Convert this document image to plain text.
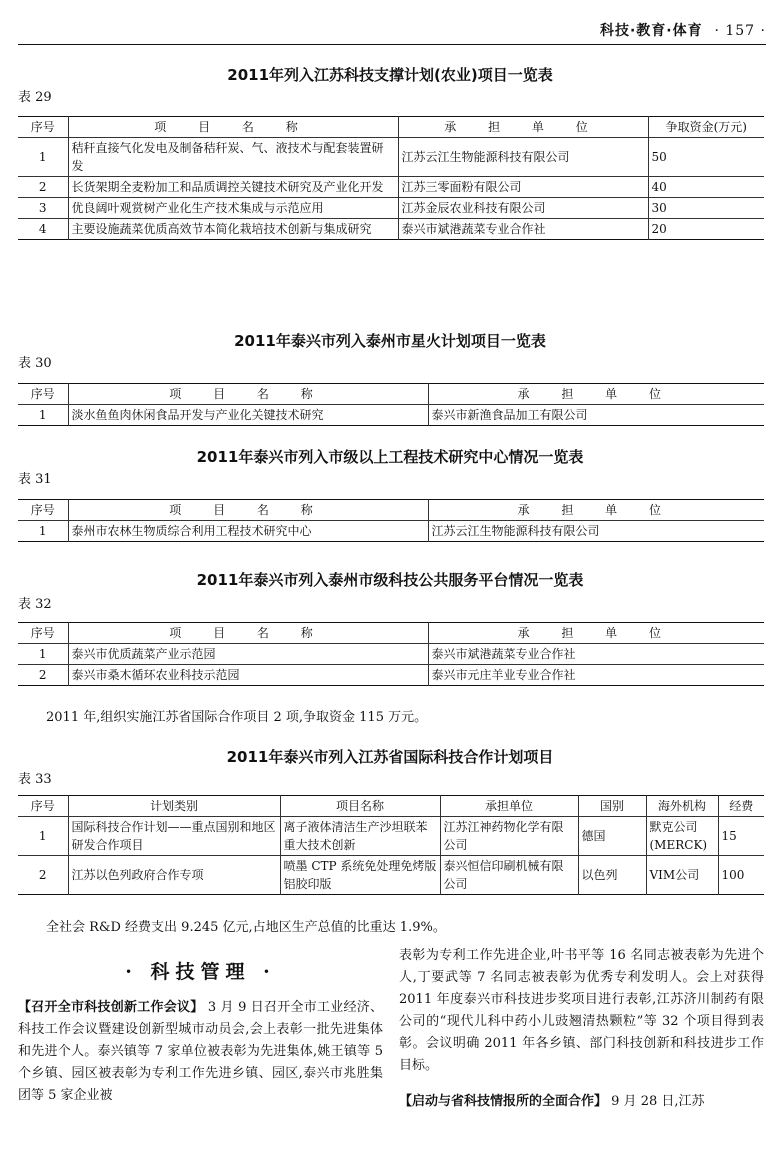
科技·教育·体育 · 157 ·
2011年列入江苏科技支撑计划(农业)项目一览表
表 29
序号	项 目 名 称	承 担 单 位	争取资金(万元)
1	秸秆直接气化发电及制备秸秆炭、气、液技术与配套装置研发	江苏云江生物能源科技有限公司	50
2	长货架期全麦粉加工和品质调控关键技术研究及产业化开发	江苏三零面粉有限公司	40
3	优良阔叶观赏树产业化生产技术集成与示范应用	江苏金辰农业科技有限公司	30
4	主要设施蔬菜优质高效节本简化栽培技术创新与集成研究	泰兴市斌港蔬菜专业合作社	20
2011年泰兴市列入泰州市星火计划项目一览表
表 30
序号	项 目 名 称	承 担 单 位
1	淡水鱼鱼肉休闲食品开发与产业化关键技术研究	泰兴市新渔食品加工有限公司
2011年泰兴市列入市级以上工程技术研究中心情况一览表
表 31
序号	项 目 名 称	承 担 单 位
1	泰州市农林生物质综合利用工程技术研究中心	江苏云江生物能源科技有限公司
2011年泰兴市列入泰州市级科技公共服务平台情况一览表
表 32
序号	项 目 名 称	承 担 单 位
1	泰兴市优质蔬菜产业示范园	泰兴市斌港蔬菜专业合作社
2	泰兴市桑木循环农业科技示范园	泰兴市元庄羊业专业合作社
2011 年,组织实施江苏省国际合作项目 2 项,争取资金 115 万元。
2011年泰兴市列入江苏省国际科技合作计划项目
表 33
序号	计划类别	项目名称	承担单位	国别	海外机构	经费
1	国际科技合作计划——重点国别和地区研发合作项目	离子液体清洁生产沙坦联苯重大技术创新	江苏江神药物化学有限公司	德国	默克公司(MERCK)	15
2	江苏以色列政府合作专项	喷墨 CTP 系统免处理免烤版铝胶印版	泰兴恒信印刷机械有限公司	以色列	VIM公司	100
全社会 R&D 经费支出 9.245 亿元,占地区生产总值的比重达 1.9%。
· 科技管理 ·
【召开全市科技创新工作会议】 3 月 9 日召开全市工业经济、科技工作会议暨建设创新型城市动员会,会上表彰一批先进集体和先进个人。泰兴镇等 7 家单位被表彰为先进集体,姚王镇等 5 个乡镇、园区被表彰为专利工作先进乡镇、园区,泰兴市兆胜集团等 5 家企业被
表彰为专利工作先进企业,叶书平等 16 名同志被表彰为先进个人,丁要武等 7 名同志被表彰为优秀专利发明人。会上对获得 2011 年度泰兴市科技进步奖项目进行表彰,江苏济川制药有限公司的“现代儿科中药小儿豉翘清热颗粒”等 32 个项目得到表彰。会议明确 2011 年各乡镇、部门科技创新和科技进步工作目标。
【启动与省科技情报所的全面合作】 9 月 28 日,江苏
